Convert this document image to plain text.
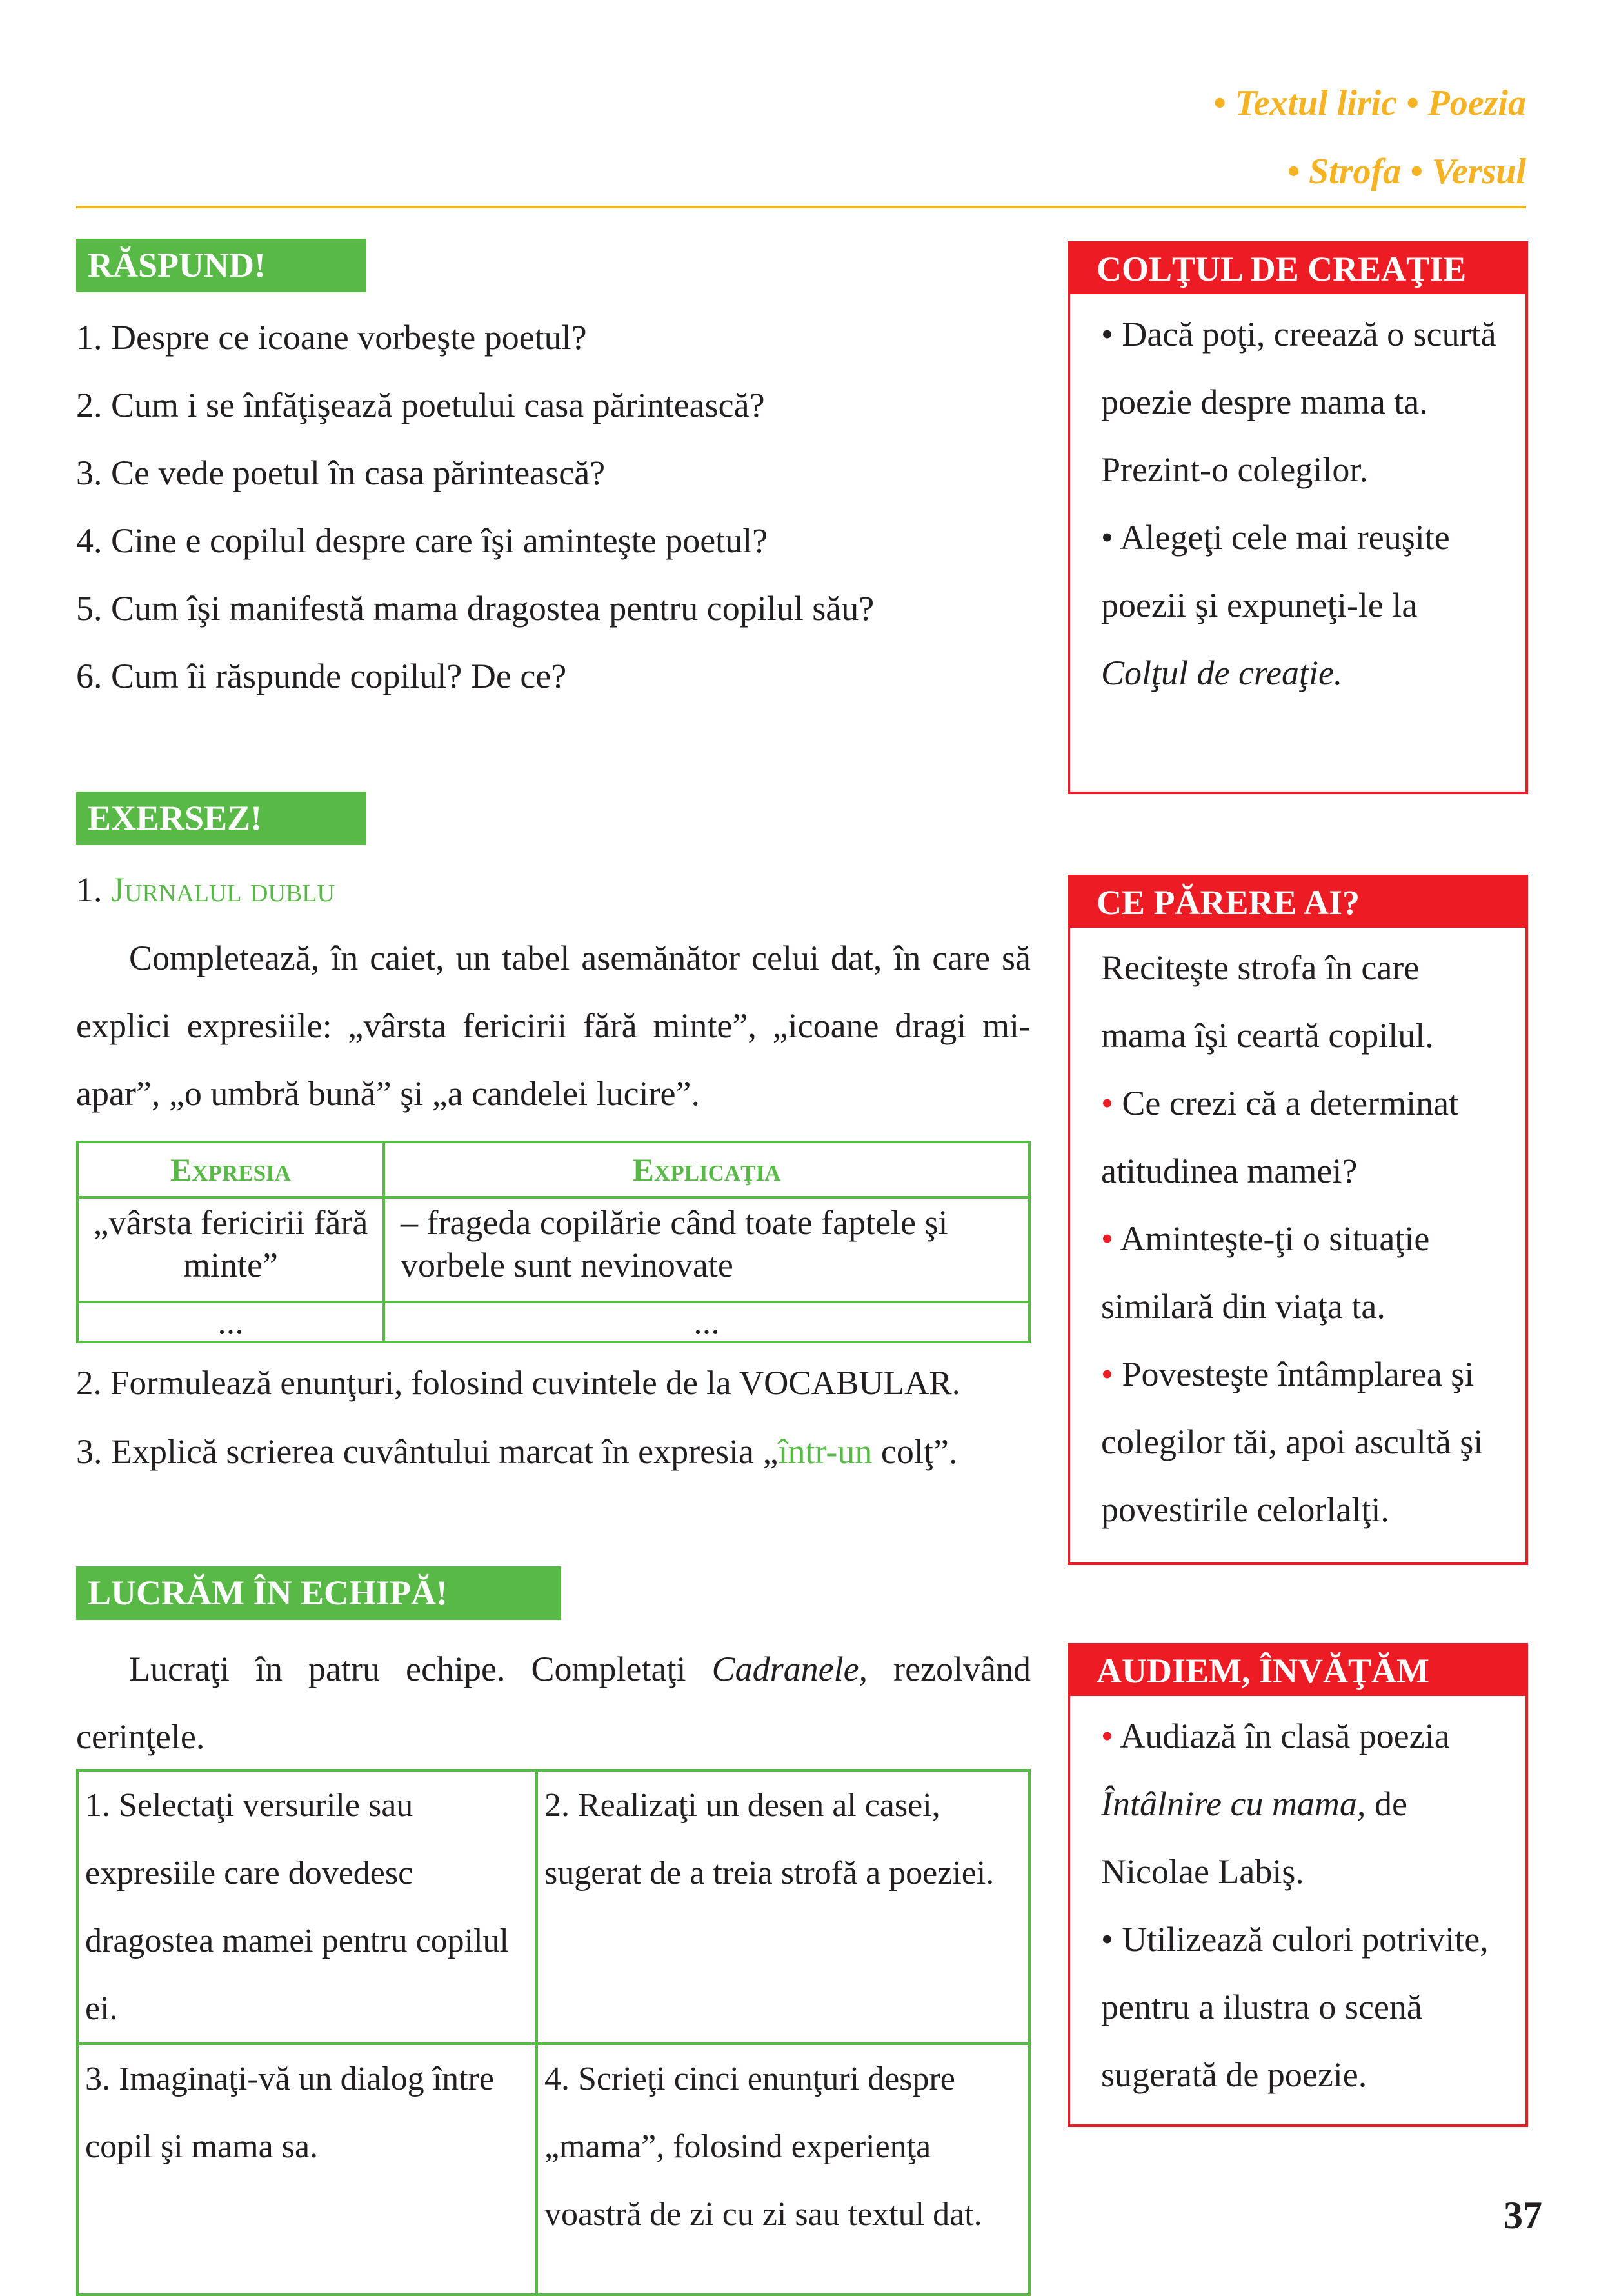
• Textul liric • Poezia
• Strofa • Versul
RĂSPUND!
1. Despre ce icoane vorbeşte poetul?
2. Cum i se înfăţişează poetului casa părintească?
3. Ce vede poetul în casa părintească?
4. Cine e copilul despre care îşi aminteşte poetul?
5. Cum îşi manifestă mama dragostea pentru copilul său?
6. Cum îi răspunde copilul? De ce?
EXERSEZ!
1. Jurnalul dublu
Completează, în caiet, un tabel asemănător celui dat, în care să explici expresiile: „vârsta fericirii fără minte”, „icoane dragi mi-apar”, „o umbră bună” şi „a candelei lucire”.
Expresia	Explicaţia
„vârsta fericirii fără minte”	– frageda copilărie când toate faptele şi vorbele sunt nevinovate
...	...
2. Formulează enunţuri, folosind cuvintele de la VOCABULAR.
3. Explică scrierea cuvântului marcat în expresia „într-un colţ”.
LUCRĂM ÎN ECHIPĂ!
Lucraţi în patru echipe. Completaţi Cadranele, rezolvând cerinţele.
1. Selectaţi versurile sau expresiile care dovedesc dragostea mamei pentru copilul ei.	2. Realizaţi un desen al casei, sugerat de a treia strofă a poeziei.
3. Imaginaţi-vă un dialog între copil şi mama sa.	4. Scrieţi cinci enunţuri despre „mama”, folosind experienţa voastră de zi cu zi sau textul dat.
COLŢUL DE CREAŢIE
• Dacă poţi, creează o scurtă poezie despre mama ta. Prezint-o colegilor.
• Alegeţi cele mai reuşite poezii şi expuneţi-le la Colţul de creaţie.
CE PĂRERE AI?
Reciteşte strofa în care mama îşi ceartă copilul.
• Ce crezi că a determinat atitudinea mamei?
• Aminteşte-ţi o situaţie similară din viaţa ta.
• Povesteşte întâmplarea şi colegilor tăi, apoi ascultă şi povestirile celorlalţi.
AUDIEM, ÎNVĂŢĂM
• Audiază în clasă poezia Întâlnire cu mama, de Nicolae Labiş.
• Utilizează culori potrivite, pentru a ilustra o scenă sugerată de poezie.
37
